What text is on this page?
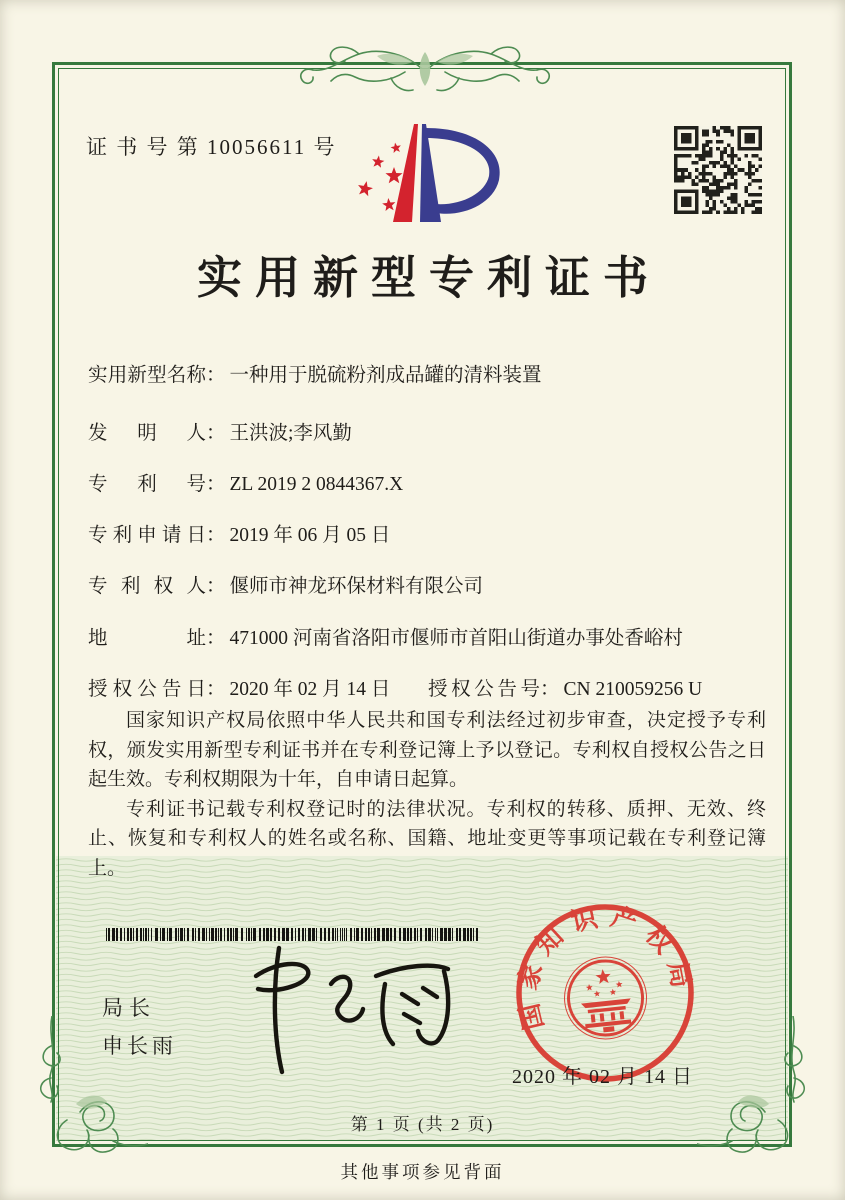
证 书 号 第 10056611 号
实用新型专利证书
实用新型名称 ： 一种用于脱硫粉剂成品罐的清料装置
发明人 ： 王洪波;李风勤
专利号 ： ZL 2019 2 0844367.X
专利申请日 ： 2019 年 06 月 05 日
专利权人 ： 偃师市神龙环保材料有限公司
地址 ： 471000 河南省洛阳市偃师市首阳山街道办事处香峪村
授权公告日 ： 2020 年 02 月 14 日 授权公告号 ： CN 210059256 U

国家知识产权局依照中华人民共和国专利法经过初步审查，决定授予专利权，颁发实用新型专利证书并在专利登记簿上予以登记。专利权自授权公告之日起生效。专利权期限为十年，自申请日起算。

专利证书记载专利权登记时的法律状况。专利权的转移、质押、无效、终止、恢复和专利权人的姓名或名称、国籍、地址变更等事项记载在专利登记簿上。

局长
申长雨
国家知识产权局
2020 年 02 月 14 日
第 1 页 (共 2 页)
其他事项参见背面
